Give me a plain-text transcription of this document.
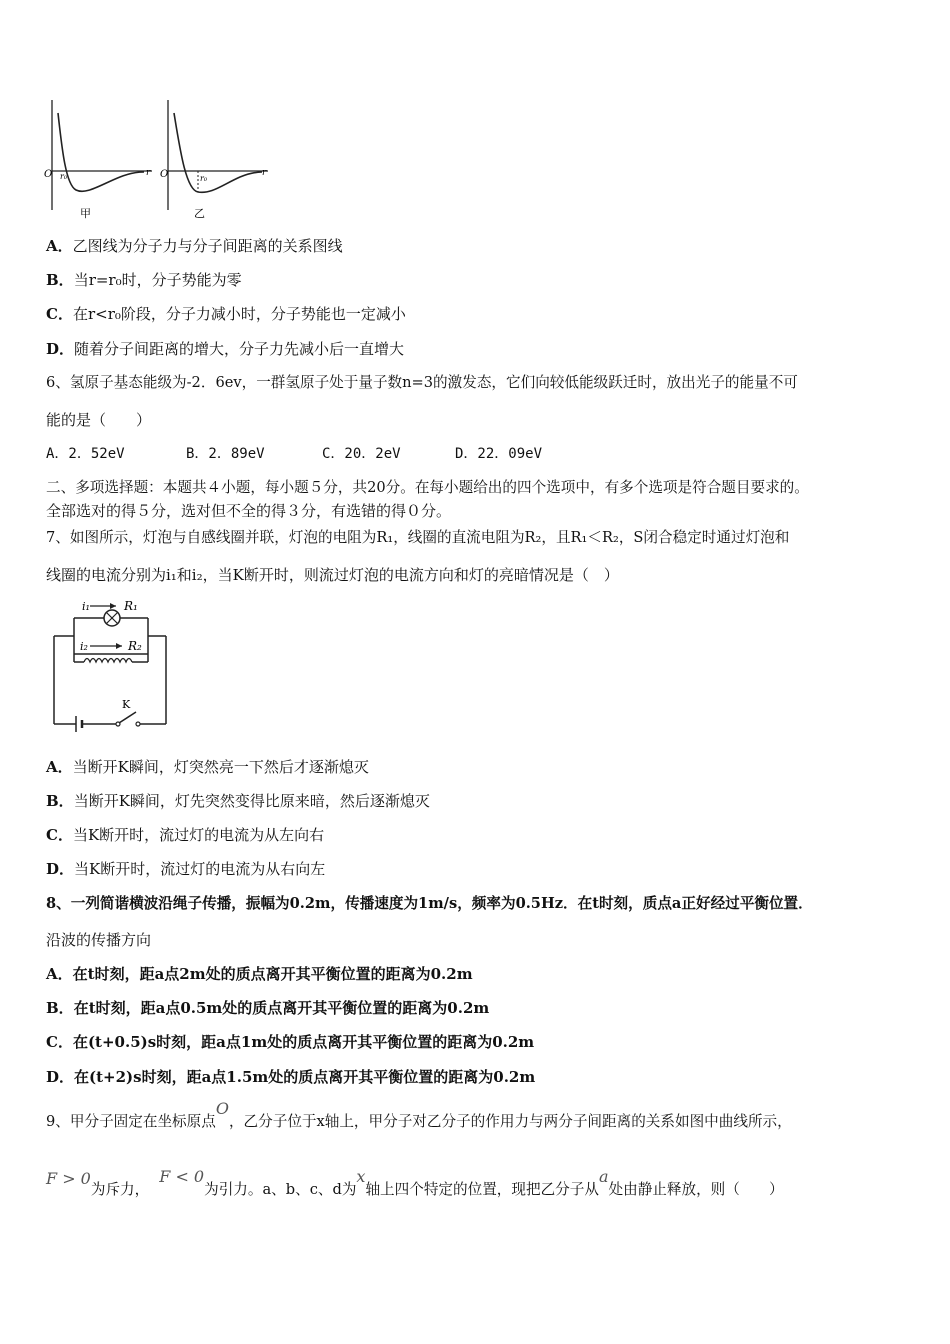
O r₀	r
甲
O	r₀
r
乙
A．乙图线为分子力与分子间距离的关系图线
B．当r=r₀时，分子势能为零
C．在r<r₀阶段，分子力减小时，分子势能也一定减小
D．随着分子间距离的增大，分子力先减小后一直增大
6、氢原子基态能级为-2．6ev，一群氢原子处于量子数n=3的激发态，它们向较低能级跃迁时，放出光子的能量不可
能的是（　　）
A．2．52eV	B．2．89eV	C．20．2eV	D．22．09eV
二、多项选择题：本题共４小题，每小题５分，共20分。在每小题给出的四个选项中，有多个选项是符合题目要求的。
全部选对的得５分，选对但不全的得３分，有选错的得０分。
7、如图所示，灯泡与自感线圈并联，灯泡的电阻为R₁，线圈的直流电阻为R₂，且R₁＜R₂，S闭合稳定时通过灯泡和
线圈的电流分别为i₁和i₂，当K断开时，则流过灯泡的电流方向和灯的亮暗情况是（　）
i₁	R₁
i₂	R₂
K
A．当断开K瞬间，灯突然亮一下然后才逐渐熄灭
B．当断开K瞬间，灯先突然变得比原来暗，然后逐渐熄灭
C．当K断开时，流过灯的电流为从左向右
D．当K断开时，流过灯的电流为从右向左
8、一列简谐横波沿绳子传播，振幅为0.2m，传播速度为1m/s，频率为0.5Hz．在t时刻，质点a正好经过平衡位置．
沿波的传播方向
A．在t时刻，距a点2m处的质点离开其平衡位置的距离为0.2m
B．在t时刻，距a点0.5m处的质点离开其平衡位置的距离为0.2m
C．在(t+0.5)s时刻，距a点1m处的质点离开其平衡位置的距离为0.2m
D．在(t+2)s时刻，距a点1.5m处的质点离开其平衡位置的距离为0.2m
9、甲分子固定在坐标原点O，乙分子位于x轴上，甲分子对乙分子的作用力与两分子间距离的关系如图中曲线所示，
F > 0为斥力，F < 0为引力。a、b、c、d为x轴上四个特定的位置，现把乙分子从a处由静止释放，则（　　）
